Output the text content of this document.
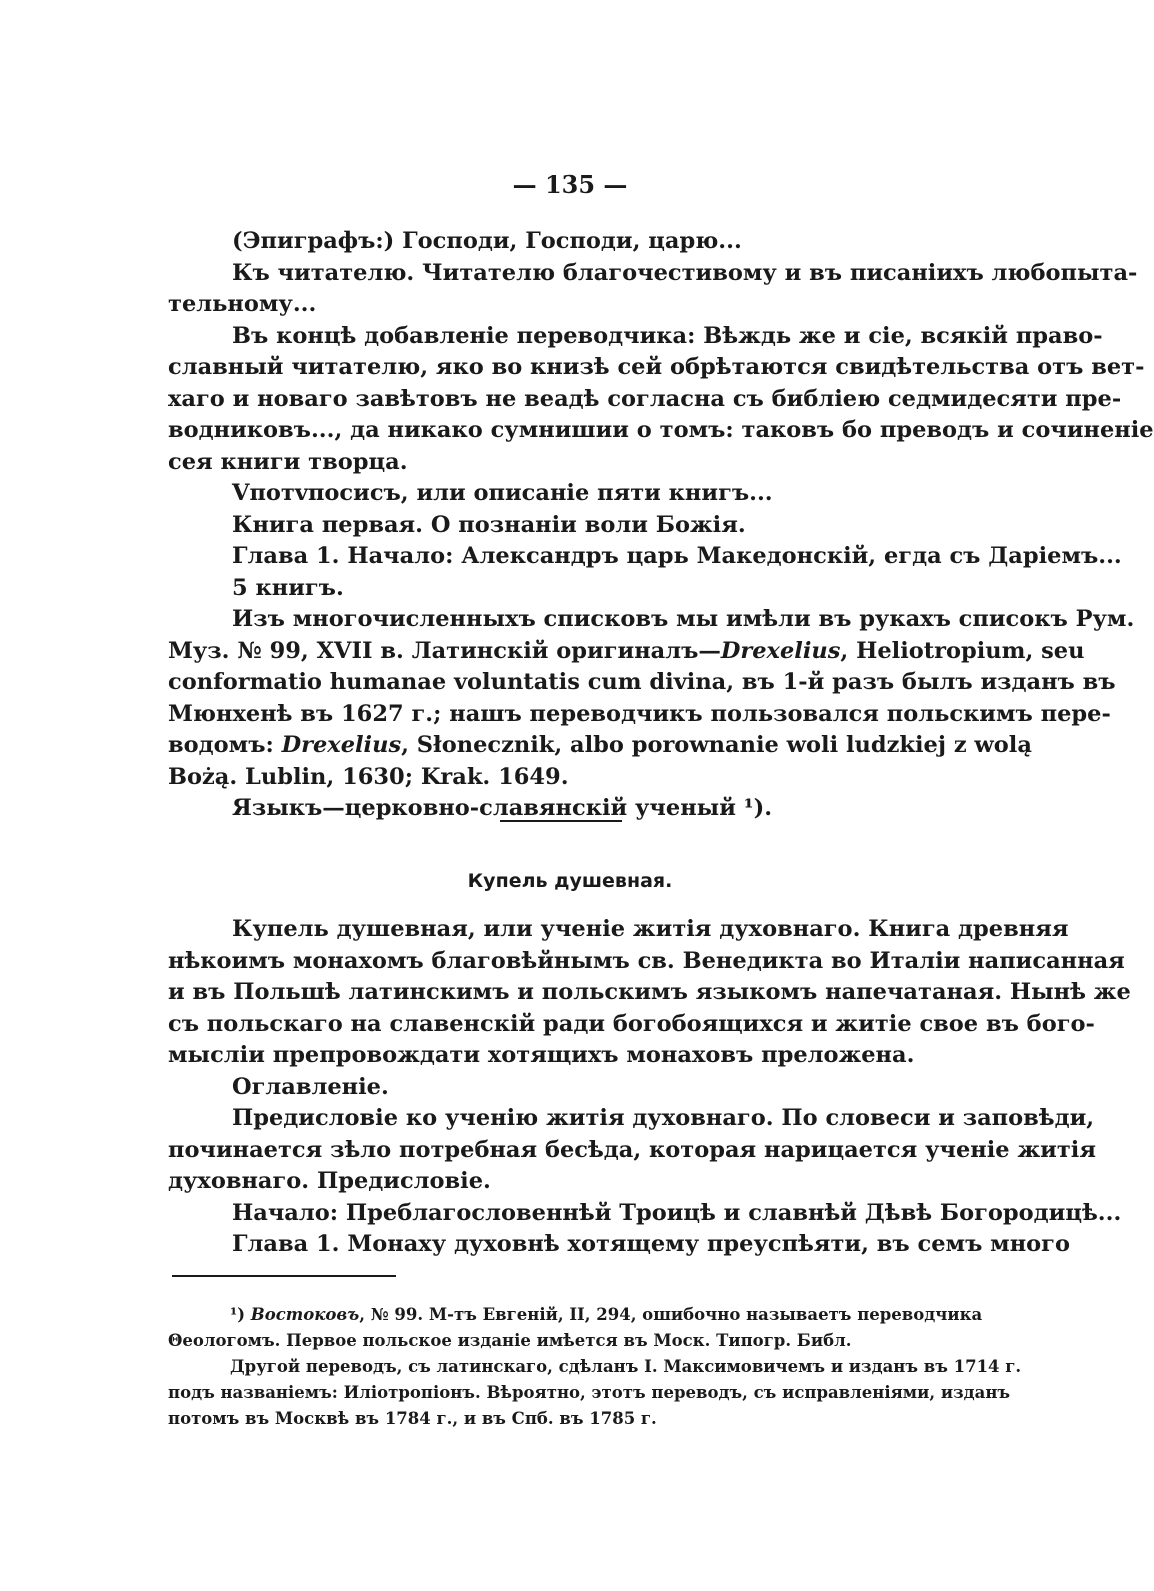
— 135 —
(Эпиграфъ:) Господи, Господи, царю...
Къ читателю. Читателю благочестивому и въ писаніихъ любопыта-
тельному...
Въ концѣ добавленіе переводчика: Вѣждь же и сіе, всякій право-
славный читателю, яко во книзѣ сей обрѣтаются свидѣтельства отъ вет-
хаго и новаго завѣтовъ не веадѣ согласна съ библіею седмидесяти пре-
водниковъ..., да никако сумнишии о томъ: таковъ бо преводъ и сочиненіе
сея книги творца.
Vпотvпосисъ, или описаніе пяти книгъ...
Книга первая. О познаніи воли Божія.
Глава 1. Начало: Александръ царь Македонскій, егда съ Даріемъ...
5 книгъ.
Изъ многочисленныхъ списковъ мы имѣли въ рукахъ списокъ Рум.
Муз. № 99, XVII в. Латинскій оригиналъ—Drexelius, Heliotropium, seu
conformatio humanae voluntatis cum divina, въ 1-й разъ былъ изданъ въ
Мюнхенѣ въ 1627 г.; нашъ переводчикъ пользовался польскимъ пере-
водомъ: Drexelius, Słonecznik, albo porownanie woli ludzkiej z wolą
Bożą. Lublin, 1630; Krak. 1649.
Языкъ—церковно-славянскій ученый ¹).
Купель душевная.
Купель душевная, или ученіе житія духовнаго. Книга древняя
нѣкоимъ монахомъ благовѣйнымъ св. Венедикта во Италіи написанная
и въ Польшѣ латинскимъ и польскимъ языкомъ напечатаная. Нынѣ же
съ польскаго на славенскій ради богобоящихся и житіе свое въ бого-
мысліи препровождати хотящихъ монаховъ преложена.
Оглавленіе.
Предисловіе ко ученію житія духовнаго. По словеси и заповѣди,
починается зѣло потребная бесѣда, которая нарицается ученіе житія
духовнаго. Предисловіе.
Начало: Преблагословеннѣй Троицѣ и славнѣй Дѣвѣ Богородицѣ...
Глава 1. Монаху духовнѣ хотящему преуспѣяти, въ семъ много
¹) Востоковъ, № 99. М-тъ Евгеній, II, 294, ошибочно называетъ переводчика
Θеологомъ. Первое польское изданіе имѣется въ Моск. Типогр. Библ.
Другой переводъ, съ латинскаго, сдѣланъ І. Максимовичемъ и изданъ въ 1714 г.
подъ названіемъ: Иліотропіонъ. Вѣроятно, этотъ переводъ, съ исправленіями, изданъ
потомъ въ Москвѣ въ 1784 г., и въ Спб. въ 1785 г.
